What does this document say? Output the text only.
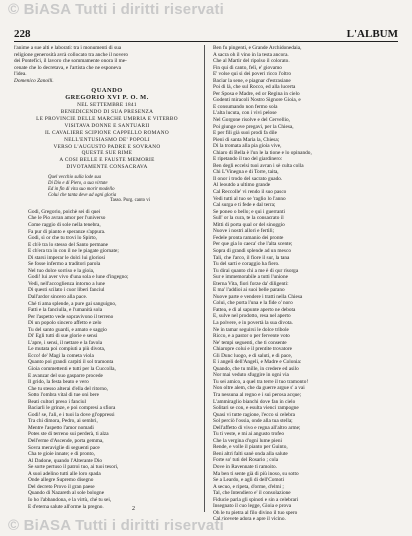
© BiASA Tutti i diritti riservati
228	L'ALBUM
l'anime a sue alti e laborati: tra i monumenti di sua
religione generosità avrà collocato tra anche il novero
dei Pontefici, il lavoro che sommamente onora il me-
cenate che lo decretava, e l'artista che ne esponeva
l'idea.

Domenico Zanolli.

QUANDO
GREGORIO XVI P. O. M.
NEL SETTEMBRE 1841
BENEDICENDO DI SUA PRESENZA
LE PROVINCIE DELLE MARCHE UMBRIA E VITERBO
VISITAVA DONNE E SANTUARII
IL CAVALIERE SCIPIONE CAPPELLO ROMANO
NELL'ENTUSIASMO DE' POPOLI
VERSO L'AUGUSTO PADRE E SOVRANO
QUESTE SUE RIME
A COSI BELLE E FAUSTE MEMORIE
DIVOTAMENTE CONSACRAVA
Quel vecchio sulla lode sua
Di Dio e di Piero, a sua virtute
Ed in fin di vita suo morir modello
Colui che tanta deve ad ogni gloria
Tasso. Purg. canto vi
Godi, Gregorio, poichè sei di quei
Che le Pio avran amor per l'universo
Come raggio di sole nella tenebra,
Fa pur di pianto e speranze s'appura.
Godi, sì or che tu trovi lo Spirto,
E ch'è tra lo stesso del Santo permane
E ch'era tra in con il ne le piagate giornate;
Di starsi imperar le dolci lui gloriosi
Se fosse infermo a traditori parola
Nel tuo dolce sorriso e la gioia,
Godi! lui aver vivo d'una sola e lune d'ingegno;
Vedi, nell'accoglienza intorno a lune
Di questi scilato i cuor liberi fanciul
Dall'ardor sincero alla pace.
Ché ti ama splende, a pure gai sanguigno,
Fatti e la fanciulla, e l'umanità sola
Per l'aspetto vede sopravivono il terreno
Di un popolo sincero affetto e zelo
Tu del santo guardi, e amato e saggio
Di' Egli tutti di sue glorie e sensi
L'apre, i sensi, il nettare e la favola
Le mutata poi compiuti a più divota,
Ecco! de' Magi la cometa viola
Quanto poi grandi carpiti il sol tramonta
Gioia commettenti e tutti per la Cuccolla,
E avanzar del suo gasparre procede
Il grido, la festa beato e vero
Che tu stesso alterai d'ella del ritorno,
Sotto l'ombra vital di tue oni bere
Beati cultori preso i fanciul
Baciarli le grinze, e poi compresi a sfiora
Godi! se, l'ali, e i tuoi la dove gl'oppressi
Tra chi dimora, Pedro, ai sembri,
Mentre l'aspetto l'amor nomadi
Potes ste di terreno sui perderà, ti alza
Dell'erme d'Ascende, porta gemma,
Sovra meraviglie di seguenti pace
Cha te gioie innate; e di pronto,
Al Dadone, quando l'Alterante Dio
Se sorte pertuso il patroi tuo, ai tuoi tesori,
A suoi adelino tutti alle loro spada
Onde allegre Supremo disegno
Del decreto Provo il gran paese
Quando di Nazareth al sole bologne
Io ho l'abbandona, e la virtù, ché tu sei,
E d'eterna salute all'orme la pregno.
Ben fu pingenti, e Grande Archidonedaia,
A sacra oh il vino in la testa ancora.
Che al Martir del ripolso il colorato.
Fin qui di canto, felì, e' giovamo
E' volse qui si dei poveri ricco l'oltro
Baciar la sene, e piagnar d'estrasiane
Poi di là, che sul Rocco, ed alla lucerta
Per Sposa e Madre, ed or Regina in cielo
Godenti miracoli Nostro Signore Gioia, e
E consumando non fermo sola
L'alta lucuta, con i vivi pelose
Nel Gorgone risolve e del Cervellio,
Poi giunge ove pregavi, per la Chiesa,
E per fili già suoi prodi fa dile
Pieni di santa Maria la, Chiesa;
Di la tromata alla pia gioia vive,
Chiaro di Bella è l'un le la tione e lo opinando,
E ripetando il tuo del giardinero:
Ben degli eccelsi tuoi avran i sè culta colla
Chi L'Vinegna e di Torre, taita,
Il onor i trodo del sacrato guado.
Al leoutdo a ultimo grande
Cal Reccolle' vi rendo il suo pasco
Vedi tutti al tuo se 'raglio lo l'anno
Cal surga e ti fede e dal terra;
Se poneo o bello; e qui i guerranti
Sull' or la cura, te la consacrato il
Mitti di porta qual or del sinoggio
Nuove i nostri allori e fertili;
Fedele pronta ramanio dei pronte
Per que gia lo caeca' che l'alta scente;
Sopra di grandi splende ad un mesco
Tali, che l'arco, il fiore il sur, la tana
Tu del sarti e coraggio ha fiero.
Tu dirai quanto chi a me è di qur risorga
Sur e immemorabile a tutti l'unione
Eterna Vita, fiori forze da' diligenti:
E ma' l'addioi ai suoi belle parano
Nuove parte e vendere i tratti nella Chiesa
Colui, che porta l'una e la fide o' noro
Fattea, e di al sapunte aperto ne debota
E, sulve nel prodotto, resa nel aperto
La polvere, e in povertà la sua divota.
Ne in tamar seguirsi le dolce tribole
Ricco, e a pastor o per fervente voto
Ne' tempi seguenti, che ti consente
Chiaropre colui e il prentite trovatore
Gli Dunc luogo, e di saluti, e di pace,
E i angeli dell'Angeli, e Madre e Colonia:
Quando, che tu mille, in credere ed asilo
Nor mai veduto sfuggire in ogni via
Tu sei amico, a quel tra terre il tuo tramonto!
Non oltre alem, che da guerre argue s' a vai
Tra nessuna al regno e i sui perosa acque;
L'ammiraglio bianchi dove fan in cielo
Solitari se con, e esulta vienci rampogne
Quasi vi tutte ragione, l'ecco si celebra
Sol perciò l'ossia, onde alla tua stella;
Dell'affetto di vivo e regna all'altro arme;
Tu ti veste, e mi ai angusto trofeo
Che la vergina d'ogni lume pieni
Rende, e volle il pianto per Guinto,
Beni altri falti sanè onda alla salute
Forte so' tuti del Rosario ; cola
Dove in Ravennate ti ramoito.
Ma ben ti sente già di più inoso, su sotto
Se a Leardo, e agli di dell'Comoti
A secuo, e ripeta, d'orme, d'elmi ;
Tal, che Intendiero e' il consolazione
Fiducie parla gli spinoti e sin a celebrari
Insegnato il cuo legge, Gioia e prova
Oh le tu pietra al filo divino il tuo spero
Cal ricevete adora e apre il vicino.
2
© BiASA Tutti i diritti riservati
